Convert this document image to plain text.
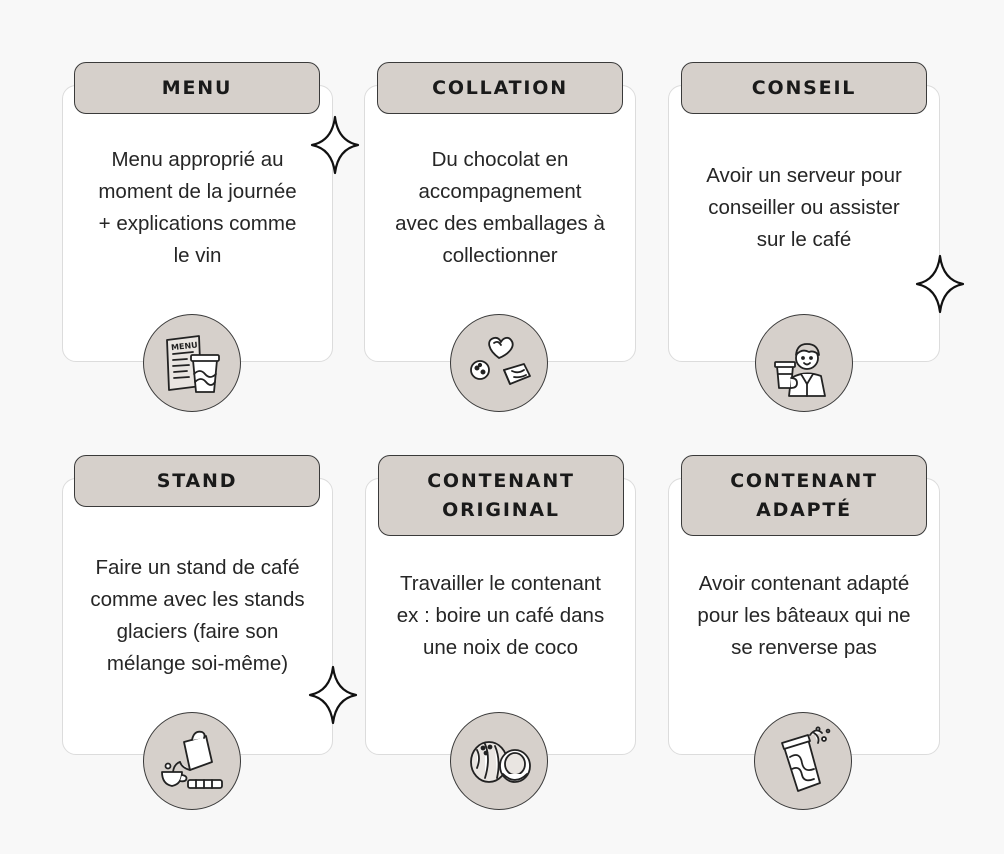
MENU
Menu approprié au
moment de la journée
+ explications comme
le vin
MENU
COLLATION
Du chocolat en
accompagnement
avec des emballages à
collectionner
CONSEIL
Avoir un serveur pour
conseiller ou assister
sur le café
STAND
Faire un stand de café
comme avec les stands
glaciers (faire son
mélange soi-même)
CONTENANT
ORIGINAL
Travailler le contenant
ex : boire un café dans
une noix de coco
CONTENANT
ADAPTÉ
Avoir contenant adapté
pour les bâteaux qui ne
se renverse pas
